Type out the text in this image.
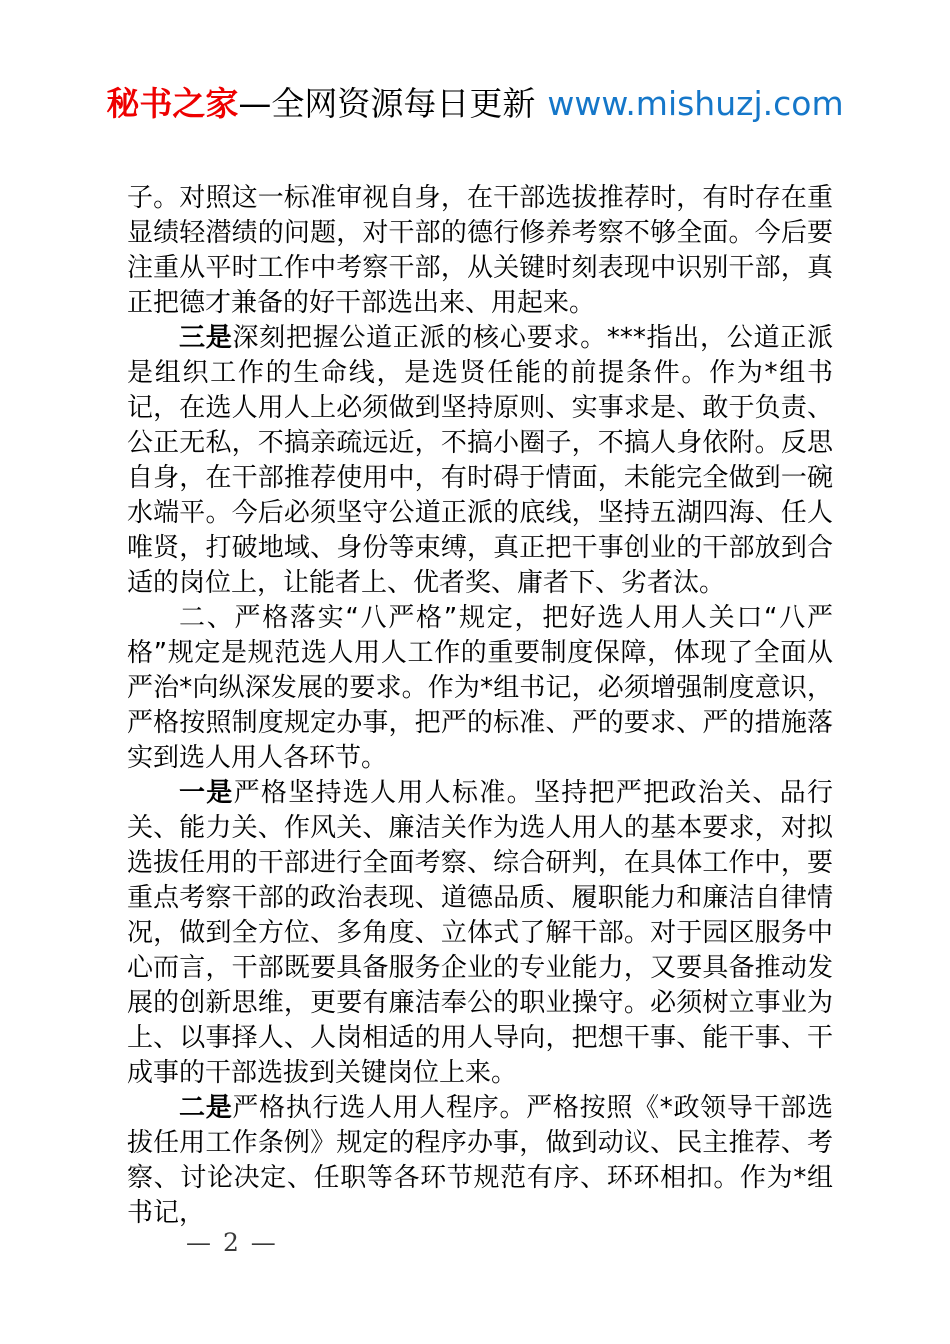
秘书之家—全网资源每日更新 www.mishuzj.com

子。对照这一标准审视自身，在干部选拔推荐时，有时存在重显绩轻潜绩的问题，对干部的德行修养考察不够全面。今后要注重从平时工作中考察干部，从关键时刻表现中识别干部，真正把德才兼备的好干部选出来、用起来。

三是深刻把握公道正派的核心要求。***指出，公道正派是组织工作的生命线，是选贤任能的前提条件。作为*组书记，在选人用人上必须做到坚持原则、实事求是、敢于负责、公正无私，不搞亲疏远近，不搞小圈子，不搞人身依附。反思自身，在干部推荐使用中，有时碍于情面，未能完全做到一碗水端平。今后必须坚守公道正派的底线，坚持五湖四海、任人唯贤，打破地域、身份等束缚，真正把干事创业的干部放到合适的岗位上，让能者上、优者奖、庸者下、劣者汰。

二、严格落实“八严格”规定，把好选人用人关口“八严格”规定是规范选人用人工作的重要制度保障，体现了全面从严治*向纵深发展的要求。作为*组书记，必须增强制度意识，严格按照制度规定办事，把严的标准、严的要求、严的措施落实到选人用人各环节。

一是严格坚持选人用人标准。坚持把严把政治关、品行关、能力关、作风关、廉洁关作为选人用人的基本要求，对拟选拔任用的干部进行全面考察、综合研判，在具体工作中，要重点考察干部的政治表现、道德品质、履职能力和廉洁自律情况，做到全方位、多角度、立体式了解干部。对于园区服务中心而言，干部既要具备服务企业的专业能力，又要具备推动发展的创新思维，更要有廉洁奉公的职业操守。必须树立事业为上、以事择人、人岗相适的用人导向，把想干事、能干事、干成事的干部选拔到关键岗位上来。

二是严格执行选人用人程序。严格按照《*政领导干部选拔任用工作条例》规定的程序办事，做到动议、民主推荐、考察、讨论决定、任职等各环节规范有序、环环相扣。作为*组书记，

— 2 —
